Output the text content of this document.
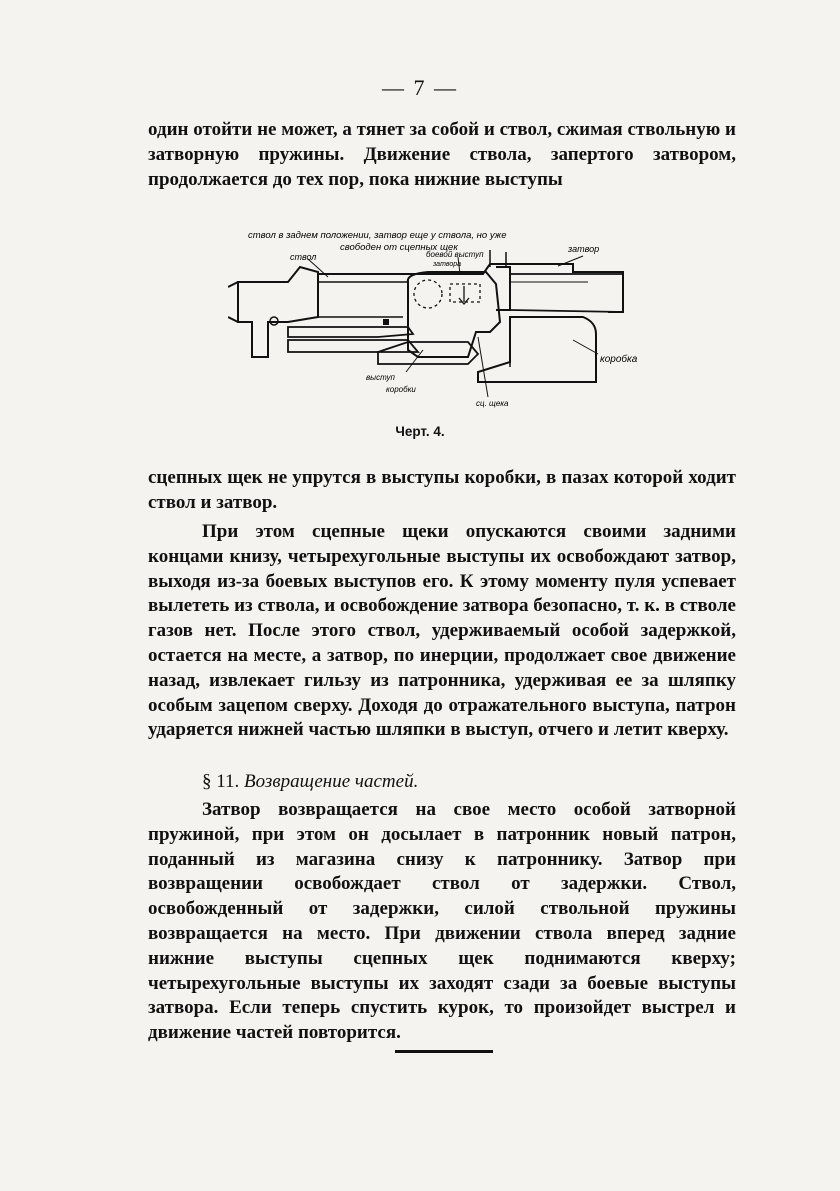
— 7 —

один отойти не может, а тянет за собой и ствол, сжимая ствольную и затворную пружины. Движение ствола, запертого затвором, продолжается до тех пор, пока нижние выступы

ствол в заднем положении, затвор еще у ствола, но уже
свободен от сцепных щек
ствол	боевой выступ
затвора
затвор
коробка
выступ
коробки
сц. щека
Черт. 4.

сцепных щек не упрутся в выступы коробки, в пазах которой ходит ствол и затвор.

При этом сцепные щеки опускаются своими задними концами книзу, четырехугольные выступы их освобождают затвор, выходя из-за боевых выступов его. К этому моменту пуля успевает вылететь из ствола, и освобождение затвора безопасно, т. к. в стволе газов нет. После этого ствол, удерживаемый особой задержкой, остается на месте, а затвор, по инерции, продолжает свое движение назад, извлекает гильзу из патронника, удерживая ее за шляпку особым зацепом сверху. Доходя до отражательного выступа, патрон ударяется нижней частью шляпки в выступ, отчего и летит кверху.

§ 11. Возвращение частей.

Затвор возвращается на свое место особой затворной пружиной, при этом он досылает в патронник новый патрон, поданный из магазина снизу к патроннику. Затвор при возвращении освобождает ствол от задержки. Ствол, освобожденный от задержки, силой ствольной пружины возвращается на место. При движении ствола вперед задние нижние выступы сцепных щек поднимаются кверху; четырехугольные выступы их заходят сзади за боевые выступы затвора. Если теперь спустить курок, то произойдет выстрел и движение частей повторится.
